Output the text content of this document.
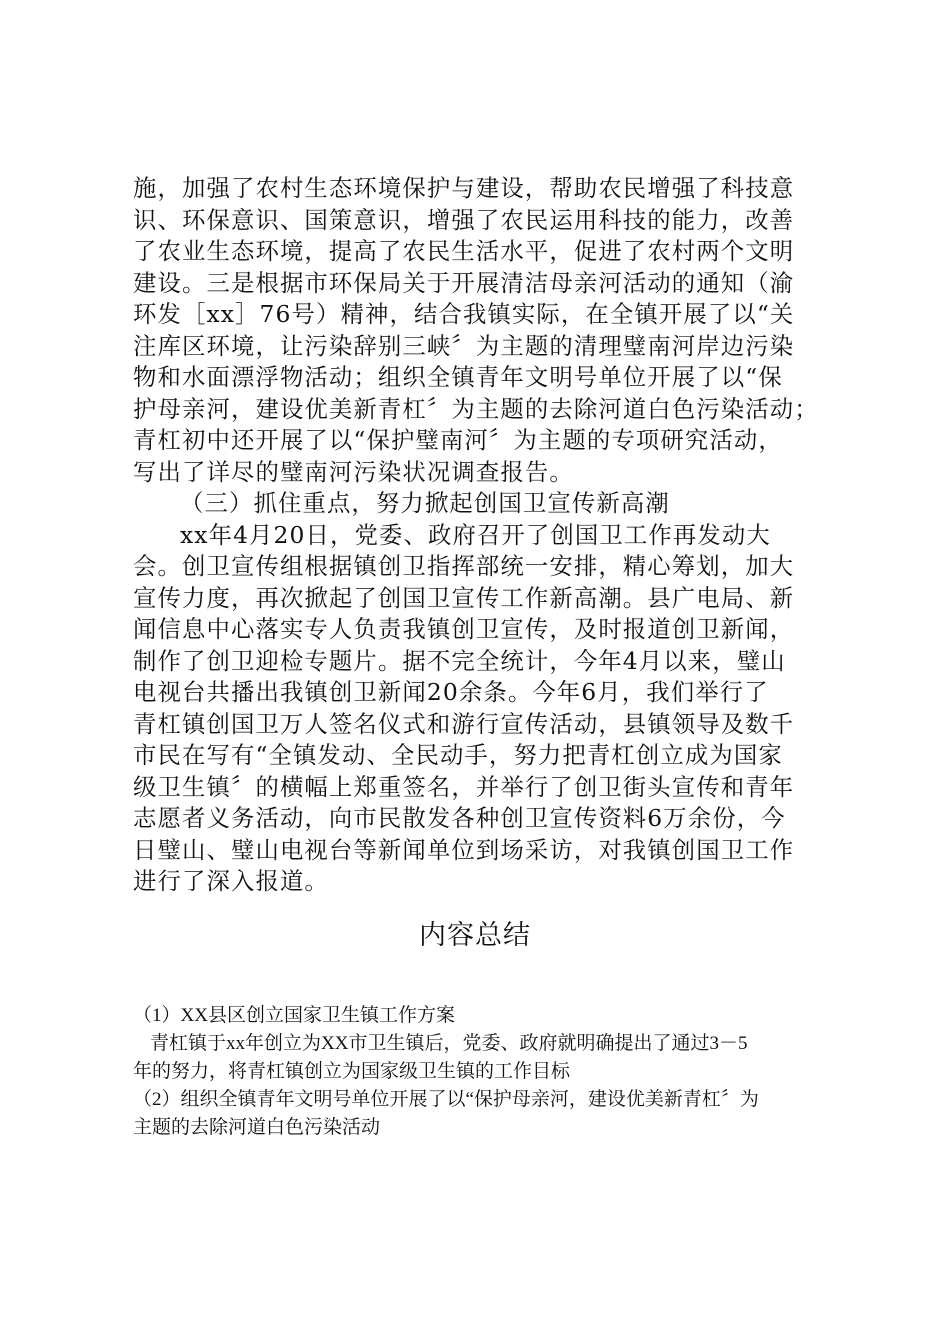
施，加强了农村生态环境保护与建设，帮助农民增强了科技意
识、环保意识、国策意识，增强了农民运用科技的能力，改善
了农业生态环境，提高了农民生活水平，促进了农村两个文明
建设。三是根据市环保局关于开展清洁母亲河活动的通知（渝
环发［xx］76号）精神，结合我镇实际，在全镇开展了以“关
注库区环境，让污染辞别三峡〞为主题的清理璧南河岸边污染
物和水面漂浮物活动；组织全镇青年文明号单位开展了以“保
护母亲河，建设优美新青杠〞为主题的去除河道白色污染活动；
青杠初中还开展了以“保护璧南河〞为主题的专项研究活动，
写出了详尽的璧南河污染状况调查报告。
（三）抓住重点，努力掀起创国卫宣传新高潮
xx年4月20日，党委、政府召开了创国卫工作再发动大
会。创卫宣传组根据镇创卫指挥部统一安排，精心筹划，加大
宣传力度，再次掀起了创国卫宣传工作新高潮。县广电局、新
闻信息中心落实专人负责我镇创卫宣传，及时报道创卫新闻，
制作了创卫迎检专题片。据不完全统计，今年4月以来，璧山
电视台共播出我镇创卫新闻20余条。今年6月，我们举行了
青杠镇创国卫万人签名仪式和游行宣传活动，县镇领导及数千
市民在写有“全镇发动、全民动手，努力把青杠创立成为国家
级卫生镇〞的横幅上郑重签名，并举行了创卫街头宣传和青年
志愿者义务活动，向市民散发各种创卫宣传资料6万余份，今
日璧山、璧山电视台等新闻单位到场采访，对我镇创国卫工作
进行了深入报道。
内容总结
（1）XX县区创立国家卫生镇工作方案
青杠镇于xx年创立为XX市卫生镇后，党委、政府就明确提出了通过3－5
年的努力，将青杠镇创立为国家级卫生镇的工作目标
（2）组织全镇青年文明号单位开展了以“保护母亲河，建设优美新青杠〞为
主题的去除河道白色污染活动
